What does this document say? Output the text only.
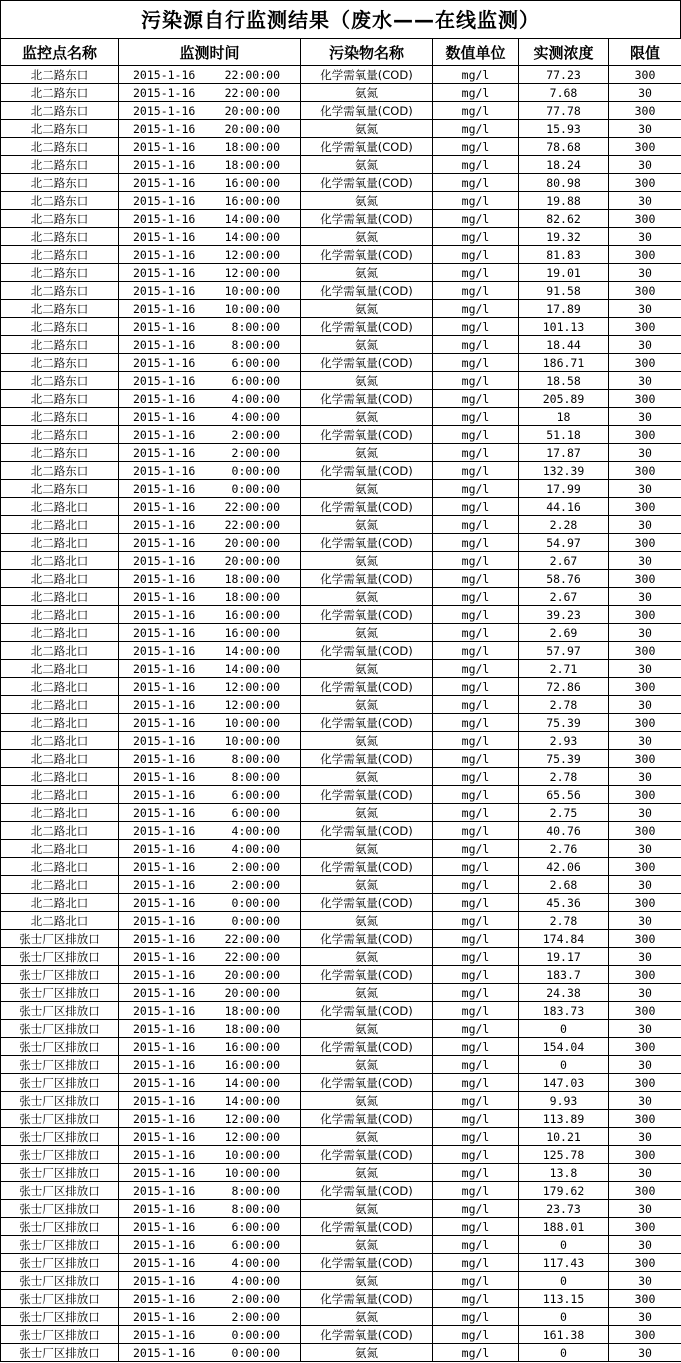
污染源自行监测结果（废水——在线监测）
监控点名称	监测时间	污染物名称	数值单位	实测浓度	限值
北二路东口	2015-1-16 22:00:00	化学需氧量(COD)	mg/l	77.23	300
北二路东口	2015-1-16 22:00:00	氨氮	mg/l	7.68	30
北二路东口	2015-1-16 20:00:00	化学需氧量(COD)	mg/l	77.78	300
北二路东口	2015-1-16 20:00:00	氨氮	mg/l	15.93	30
北二路东口	2015-1-16 18:00:00	化学需氧量(COD)	mg/l	78.68	300
北二路东口	2015-1-16 18:00:00	氨氮	mg/l	18.24	30
北二路东口	2015-1-16 16:00:00	化学需氧量(COD)	mg/l	80.98	300
北二路东口	2015-1-16 16:00:00	氨氮	mg/l	19.88	30
北二路东口	2015-1-16 14:00:00	化学需氧量(COD)	mg/l	82.62	300
北二路东口	2015-1-16 14:00:00	氨氮	mg/l	19.32	30
北二路东口	2015-1-16 12:00:00	化学需氧量(COD)	mg/l	81.83	300
北二路东口	2015-1-16 12:00:00	氨氮	mg/l	19.01	30
北二路东口	2015-1-16 10:00:00	化学需氧量(COD)	mg/l	91.58	300
北二路东口	2015-1-16 10:00:00	氨氮	mg/l	17.89	30
北二路东口	2015-1-16 8:00:00	化学需氧量(COD)	mg/l	101.13	300
北二路东口	2015-1-16 8:00:00	氨氮	mg/l	18.44	30
北二路东口	2015-1-16 6:00:00	化学需氧量(COD)	mg/l	186.71	300
北二路东口	2015-1-16 6:00:00	氨氮	mg/l	18.58	30
北二路东口	2015-1-16 4:00:00	化学需氧量(COD)	mg/l	205.89	300
北二路东口	2015-1-16 4:00:00	氨氮	mg/l	18	30
北二路东口	2015-1-16 2:00:00	化学需氧量(COD)	mg/l	51.18	300
北二路东口	2015-1-16 2:00:00	氨氮	mg/l	17.87	30
北二路东口	2015-1-16 0:00:00	化学需氧量(COD)	mg/l	132.39	300
北二路东口	2015-1-16 0:00:00	氨氮	mg/l	17.99	30
北二路北口	2015-1-16 22:00:00	化学需氧量(COD)	mg/l	44.16	300
北二路北口	2015-1-16 22:00:00	氨氮	mg/l	2.28	30
北二路北口	2015-1-16 20:00:00	化学需氧量(COD)	mg/l	54.97	300
北二路北口	2015-1-16 20:00:00	氨氮	mg/l	2.67	30
北二路北口	2015-1-16 18:00:00	化学需氧量(COD)	mg/l	58.76	300
北二路北口	2015-1-16 18:00:00	氨氮	mg/l	2.67	30
北二路北口	2015-1-16 16:00:00	化学需氧量(COD)	mg/l	39.23	300
北二路北口	2015-1-16 16:00:00	氨氮	mg/l	2.69	30
北二路北口	2015-1-16 14:00:00	化学需氧量(COD)	mg/l	57.97	300
北二路北口	2015-1-16 14:00:00	氨氮	mg/l	2.71	30
北二路北口	2015-1-16 12:00:00	化学需氧量(COD)	mg/l	72.86	300
北二路北口	2015-1-16 12:00:00	氨氮	mg/l	2.78	30
北二路北口	2015-1-16 10:00:00	化学需氧量(COD)	mg/l	75.39	300
北二路北口	2015-1-16 10:00:00	氨氮	mg/l	2.93	30
北二路北口	2015-1-16 8:00:00	化学需氧量(COD)	mg/l	75.39	300
北二路北口	2015-1-16 8:00:00	氨氮	mg/l	2.78	30
北二路北口	2015-1-16 6:00:00	化学需氧量(COD)	mg/l	65.56	300
北二路北口	2015-1-16 6:00:00	氨氮	mg/l	2.75	30
北二路北口	2015-1-16 4:00:00	化学需氧量(COD)	mg/l	40.76	300
北二路北口	2015-1-16 4:00:00	氨氮	mg/l	2.76	30
北二路北口	2015-1-16 2:00:00	化学需氧量(COD)	mg/l	42.06	300
北二路北口	2015-1-16 2:00:00	氨氮	mg/l	2.68	30
北二路北口	2015-1-16 0:00:00	化学需氧量(COD)	mg/l	45.36	300
北二路北口	2015-1-16 0:00:00	氨氮	mg/l	2.78	30
张士厂区排放口	2015-1-16 22:00:00	化学需氧量(COD)	mg/l	174.84	300
张士厂区排放口	2015-1-16 22:00:00	氨氮	mg/l	19.17	30
张士厂区排放口	2015-1-16 20:00:00	化学需氧量(COD)	mg/l	183.7	300
张士厂区排放口	2015-1-16 20:00:00	氨氮	mg/l	24.38	30
张士厂区排放口	2015-1-16 18:00:00	化学需氧量(COD)	mg/l	183.73	300
张士厂区排放口	2015-1-16 18:00:00	氨氮	mg/l	0	30
张士厂区排放口	2015-1-16 16:00:00	化学需氧量(COD)	mg/l	154.04	300
张士厂区排放口	2015-1-16 16:00:00	氨氮	mg/l	0	30
张士厂区排放口	2015-1-16 14:00:00	化学需氧量(COD)	mg/l	147.03	300
张士厂区排放口	2015-1-16 14:00:00	氨氮	mg/l	9.93	30
张士厂区排放口	2015-1-16 12:00:00	化学需氧量(COD)	mg/l	113.89	300
张士厂区排放口	2015-1-16 12:00:00	氨氮	mg/l	10.21	30
张士厂区排放口	2015-1-16 10:00:00	化学需氧量(COD)	mg/l	125.78	300
张士厂区排放口	2015-1-16 10:00:00	氨氮	mg/l	13.8	30
张士厂区排放口	2015-1-16 8:00:00	化学需氧量(COD)	mg/l	179.62	300
张士厂区排放口	2015-1-16 8:00:00	氨氮	mg/l	23.73	30
张士厂区排放口	2015-1-16 6:00:00	化学需氧量(COD)	mg/l	188.01	300
张士厂区排放口	2015-1-16 6:00:00	氨氮	mg/l	0	30
张士厂区排放口	2015-1-16 4:00:00	化学需氧量(COD)	mg/l	117.43	300
张士厂区排放口	2015-1-16 4:00:00	氨氮	mg/l	0	30
张士厂区排放口	2015-1-16 2:00:00	化学需氧量(COD)	mg/l	113.15	300
张士厂区排放口	2015-1-16 2:00:00	氨氮	mg/l	0	30
张士厂区排放口	2015-1-16 0:00:00	化学需氧量(COD)	mg/l	161.38	300
张士厂区排放口	2015-1-16 0:00:00	氨氮	mg/l	0	30
